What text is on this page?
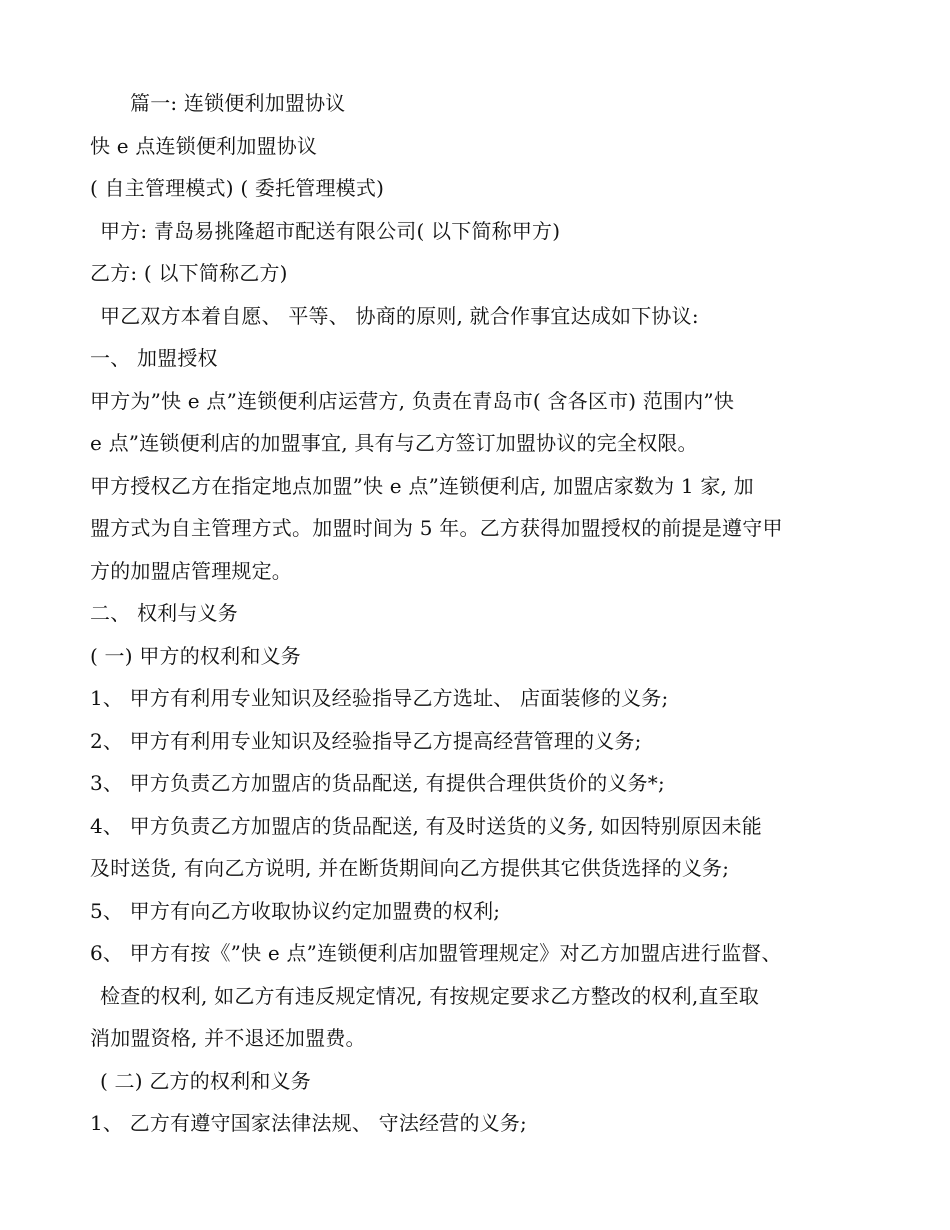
篇一: 连锁便利加盟协议
快 e 点连锁便利加盟协议
( 自主管理模式) ( 委托管理模式)
甲方: 青岛易挑隆超市配送有限公司( 以下简称甲方)
乙方: ( 以下简称乙方)
甲乙双方本着自愿、 平等、 协商的原则, 就合作事宜达成如下协议:
一、 加盟授权
甲方为”快 e 点”连锁便利店运营方, 负责在青岛市( 含各区市) 范围内”快
e 点”连锁便利店的加盟事宜, 具有与乙方签订加盟协议的完全权限。
甲方授权乙方在指定地点加盟”快 e 点”连锁便利店, 加盟店家数为 1 家, 加
盟方式为自主管理方式。加盟时间为 5 年。乙方获得加盟授权的前提是遵守甲
方的加盟店管理规定。
二、 权利与义务
( 一) 甲方的权利和义务
1、 甲方有利用专业知识及经验指导乙方选址、 店面装修的义务;
2、 甲方有利用专业知识及经验指导乙方提高经营管理的义务;
3、 甲方负责乙方加盟店的货品配送, 有提供合理供货价的义务*;
4、 甲方负责乙方加盟店的货品配送, 有及时送货的义务, 如因特别原因未能
及时送货, 有向乙方说明, 并在断货期间向乙方提供其它供货选择的义务;
5、 甲方有向乙方收取协议约定加盟费的权利;
6、 甲方有按《”快 e 点”连锁便利店加盟管理规定》对乙方加盟店进行监督、
检查的权利, 如乙方有违反规定情况, 有按规定要求乙方整改的权利,直至取
消加盟资格, 并不退还加盟费。
( 二) 乙方的权利和义务
1、 乙方有遵守国家法律法规、 守法经营的义务;
